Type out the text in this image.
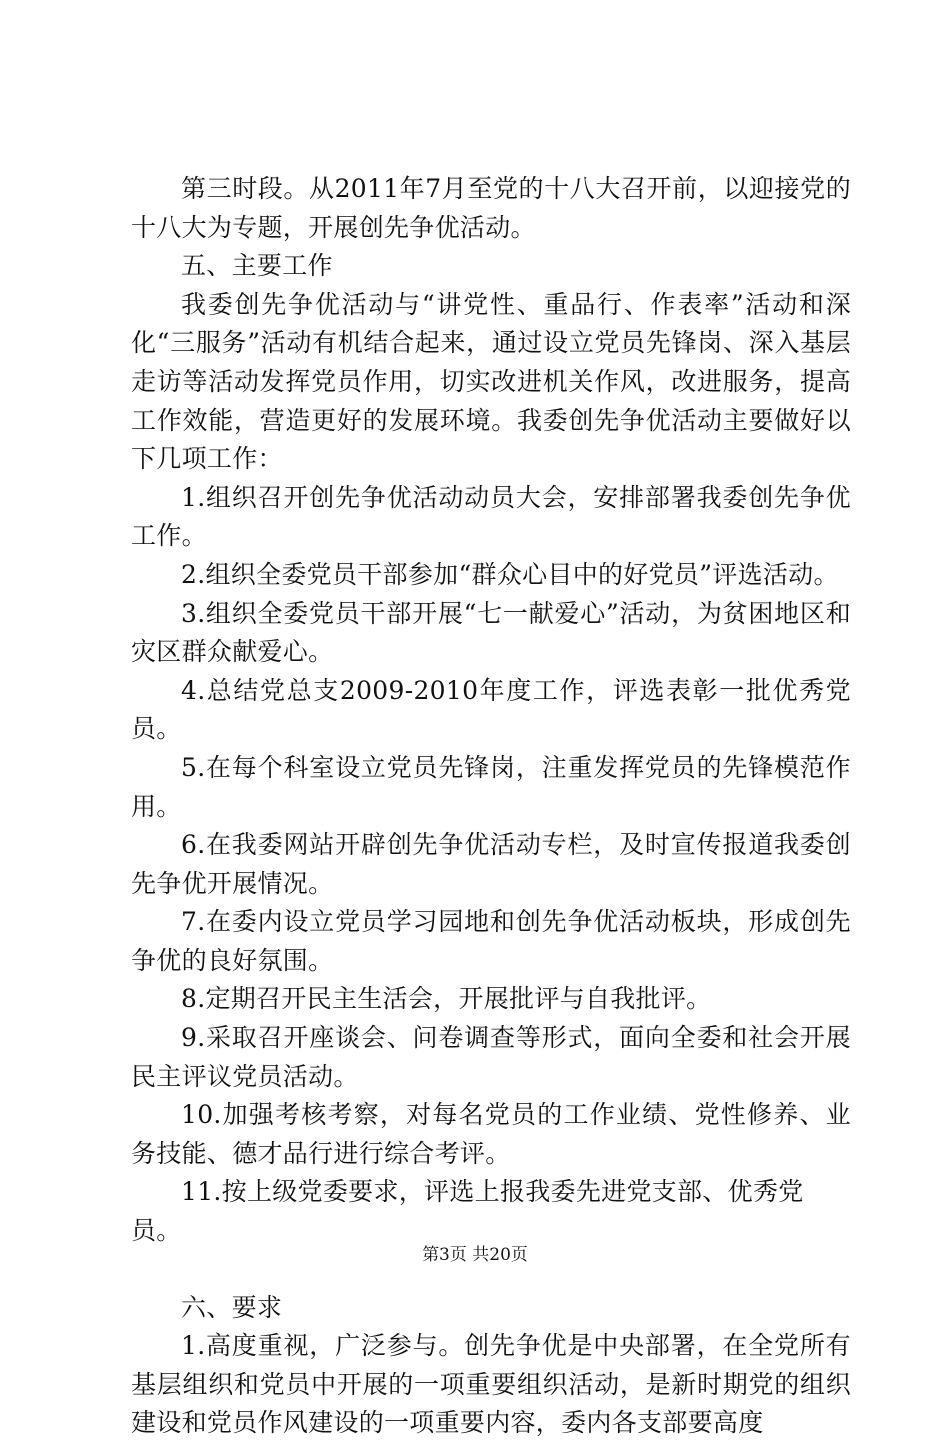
第三时段。从2011年7月至党的十八大召开前，以迎接党的十八大为专题，开展创先争优活动。

五、主要工作

我委创先争优活动与“讲党性、重品行、作表率”活动和深化“三服务”活动有机结合起来，通过设立党员先锋岗、深入基层走访等活动发挥党员作用，切实改进机关作风，改进服务，提高工作效能，营造更好的发展环境。我委创先争优活动主要做好以下几项工作：

1.组织召开创先争优活动动员大会，安排部署我委创先争优工作。

2.组织全委党员干部参加“群众心目中的好党员”评选活动。

3.组织全委党员干部开展“七一献爱心”活动，为贫困地区和灾区群众献爱心。

4.总结党总支2009-2010年度工作，评选表彰一批优秀党员。

5.在每个科室设立党员先锋岗，注重发挥党员的先锋模范作用。

6.在我委网站开辟创先争优活动专栏，及时宣传报道我委创先争优开展情况。

7.在委内设立党员学习园地和创先争优活动板块，形成创先争优的良好氛围。

8.定期召开民主生活会，开展批评与自我批评。

9.采取召开座谈会、问卷调查等形式，面向全委和社会开展民主评议党员活动。

10.加强考核考察，对每名党员的工作业绩、党性修养、业务技能、德才品行进行综合考评。

11.按上级党委要求，评选上报我委先进党支部、优秀党员。

六、要求

1.高度重视，广泛参与。创先争优是中央部署，在全党所有基层组织和党员中开展的一项重要组织活动，是新时期党的组织建设和党员作风建设的一项重要内容，委内各支部要高度

第3页 共20页
